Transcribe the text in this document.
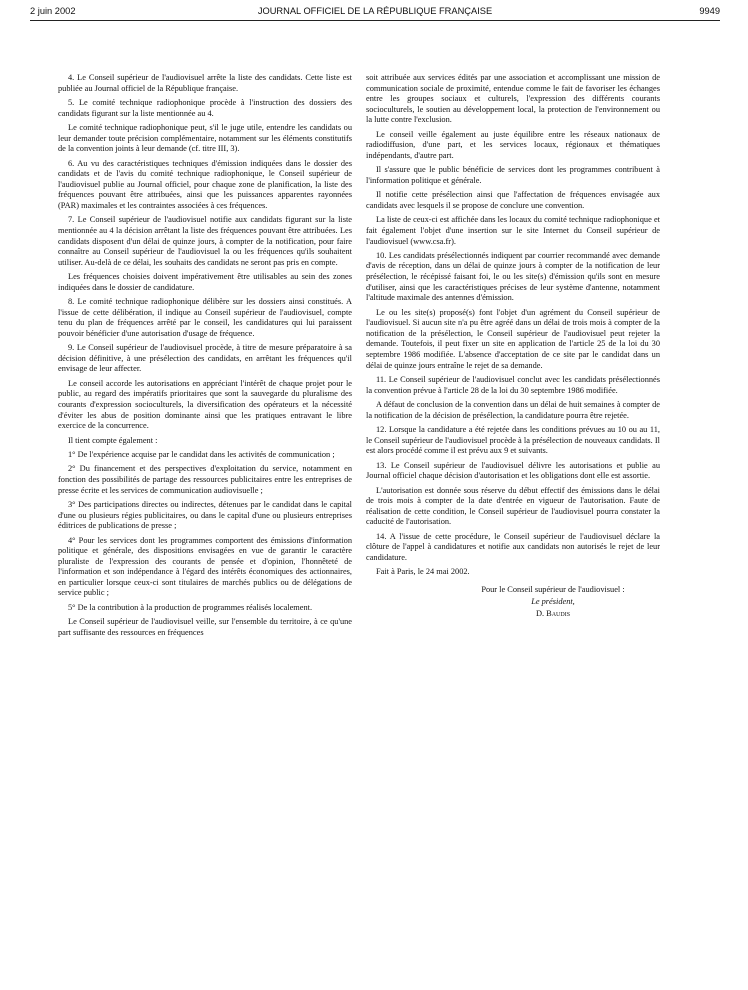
2 juin 2002	JOURNAL OFFICIEL DE LA RÉPUBLIQUE FRANÇAISE	9949

4. Le Conseil supérieur de l'audiovisuel arrête la liste des candidats. Cette liste est publiée au Journal officiel de la République française.

5. Le comité technique radiophonique procède à l'instruction des dossiers des candidats figurant sur la liste mentionnée au 4.

Le comité technique radiophonique peut, s'il le juge utile, entendre les candidats ou leur demander toute précision complémentaire, notamment sur les éléments constitutifs de la convention joints à leur demande (cf. titre III, 3).

6. Au vu des caractéristiques techniques d'émission indiquées dans le dossier des candidats et de l'avis du comité technique radiophonique, le Conseil supérieur de l'audiovisuel publie au Journal officiel, pour chaque zone de planification, la liste des fréquences pouvant être attribuées, ainsi que les puissances apparentes rayonnées (PAR) maximales et les contraintes associées à ces fréquences.

7. Le Conseil supérieur de l'audiovisuel notifie aux candidats figurant sur la liste mentionnée au 4 la décision arrêtant la liste des fréquences pouvant être attribuées. Les candidats disposent d'un délai de quinze jours, à compter de la notification, pour faire connaître au Conseil supérieur de l'audiovisuel la ou les fréquences qu'ils souhaitent utiliser. Au-delà de ce délai, les souhaits des candidats ne seront pas pris en compte.

Les fréquences choisies doivent impérativement être utilisables au sein des zones indiquées dans le dossier de candidature.

8. Le comité technique radiophonique délibère sur les dossiers ainsi constitués. A l'issue de cette délibération, il indique au Conseil supérieur de l'audiovisuel, compte tenu du plan de fréquences arrêté par le conseil, les candidatures qui lui paraissent pouvoir bénéficier d'une autorisation d'usage de fréquence.

9. Le Conseil supérieur de l'audiovisuel procède, à titre de mesure préparatoire à sa décision définitive, à une présélection des candidats, en arrêtant les fréquences qu'il envisage de leur affecter.

Le conseil accorde les autorisations en appréciant l'intérêt de chaque projet pour le public, au regard des impératifs prioritaires que sont la sauvegarde du pluralisme des courants d'expression socioculturels, la diversification des opérateurs et la nécessité d'éviter les abus de position dominante ainsi que les pratiques entravant le libre exercice de la concurrence.

Il tient compte également :

1° De l'expérience acquise par le candidat dans les activités de communication ;

2° Du financement et des perspectives d'exploitation du service, notamment en fonction des possibilités de partage des ressources publicitaires entre les entreprises de presse écrite et les services de communication audiovisuelle ;

3° Des participations directes ou indirectes, détenues par le candidat dans le capital d'une ou plusieurs régies publicitaires, ou dans le capital d'une ou plusieurs entreprises éditrices de publications de presse ;

4° Pour les services dont les programmes comportent des émissions d'information politique et générale, des dispositions envisagées en vue de garantir le caractère pluraliste de l'expression des courants de pensée et d'opinion, l'honnêteté de l'information et son indépendance à l'égard des intérêts économiques des actionnaires, en particulier lorsque ceux-ci sont titulaires de marchés publics ou de délégations de service public ;

5° De la contribution à la production de programmes réalisés localement.

Le Conseil supérieur de l'audiovisuel veille, sur l'ensemble du territoire, à ce qu'une part suffisante des ressources en fréquences

soit attribuée aux services édités par une association et accomplissant une mission de communication sociale de proximité, entendue comme le fait de favoriser les échanges entre les groupes sociaux et culturels, l'expression des différents courants socioculturels, le soutien au développement local, la protection de l'environnement ou la lutte contre l'exclusion.

Le conseil veille également au juste équilibre entre les réseaux nationaux de radiodiffusion, d'une part, et les services locaux, régionaux et thématiques indépendants, d'autre part.

Il s'assure que le public bénéficie de services dont les programmes contribuent à l'information politique et générale.

Il notifie cette présélection ainsi que l'affectation de fréquences envisagée aux candidats avec lesquels il se propose de conclure une convention.

La liste de ceux-ci est affichée dans les locaux du comité technique radiophonique et fait également l'objet d'une insertion sur le site Internet du Conseil supérieur de l'audiovisuel (www.csa.fr).

10. Les candidats présélectionnés indiquent par courrier recommandé avec demande d'avis de réception, dans un délai de quinze jours à compter de la notification de leur présélection, le récépissé faisant foi, le ou les site(s) d'émission qu'ils sont en mesure d'utiliser, ainsi que les caractéristiques précises de leur système d'antenne, notamment l'altitude maximale des antennes d'émission.

Le ou les site(s) proposé(s) font l'objet d'un agrément du Conseil supérieur de l'audiovisuel. Si aucun site n'a pu être agréé dans un délai de trois mois à compter de la notification de la présélection, le Conseil supérieur de l'audiovisuel peut rejeter la demande. Toutefois, il peut fixer un site en application de l'article 25 de la loi du 30 septembre 1986 modifiée. L'absence d'acceptation de ce site par le candidat dans un délai de quinze jours entraîne le rejet de sa demande.

11. Le Conseil supérieur de l'audiovisuel conclut avec les candidats présélectionnés la convention prévue à l'article 28 de la loi du 30 septembre 1986 modifiée.

A défaut de conclusion de la convention dans un délai de huit semaines à compter de la notification de la décision de présélection, la candidature pourra être rejetée.

12. Lorsque la candidature a été rejetée dans les conditions prévues au 10 ou au 11, le Conseil supérieur de l'audiovisuel procède à la présélection de nouveaux candidats. Il est alors procédé comme il est prévu aux 9 et suivants.

13. Le Conseil supérieur de l'audiovisuel délivre les autorisations et publie au Journal officiel chaque décision d'autorisation et les obligations dont elle est assortie.

L'autorisation est donnée sous réserve du début effectif des émissions dans le délai de trois mois à compter de la date d'entrée en vigueur de l'autorisation. Faute de réalisation de cette condition, le Conseil supérieur de l'audiovisuel pourra constater la caducité de l'autorisation.

14. A l'issue de cette procédure, le Conseil supérieur de l'audiovisuel déclare la clôture de l'appel à candidatures et notifie aux candidats non autorisés le rejet de leur candidature.

Fait à Paris, le 24 mai 2002.

Pour le Conseil supérieur de l'audiovisuel :
Le président,
D. Baudis
